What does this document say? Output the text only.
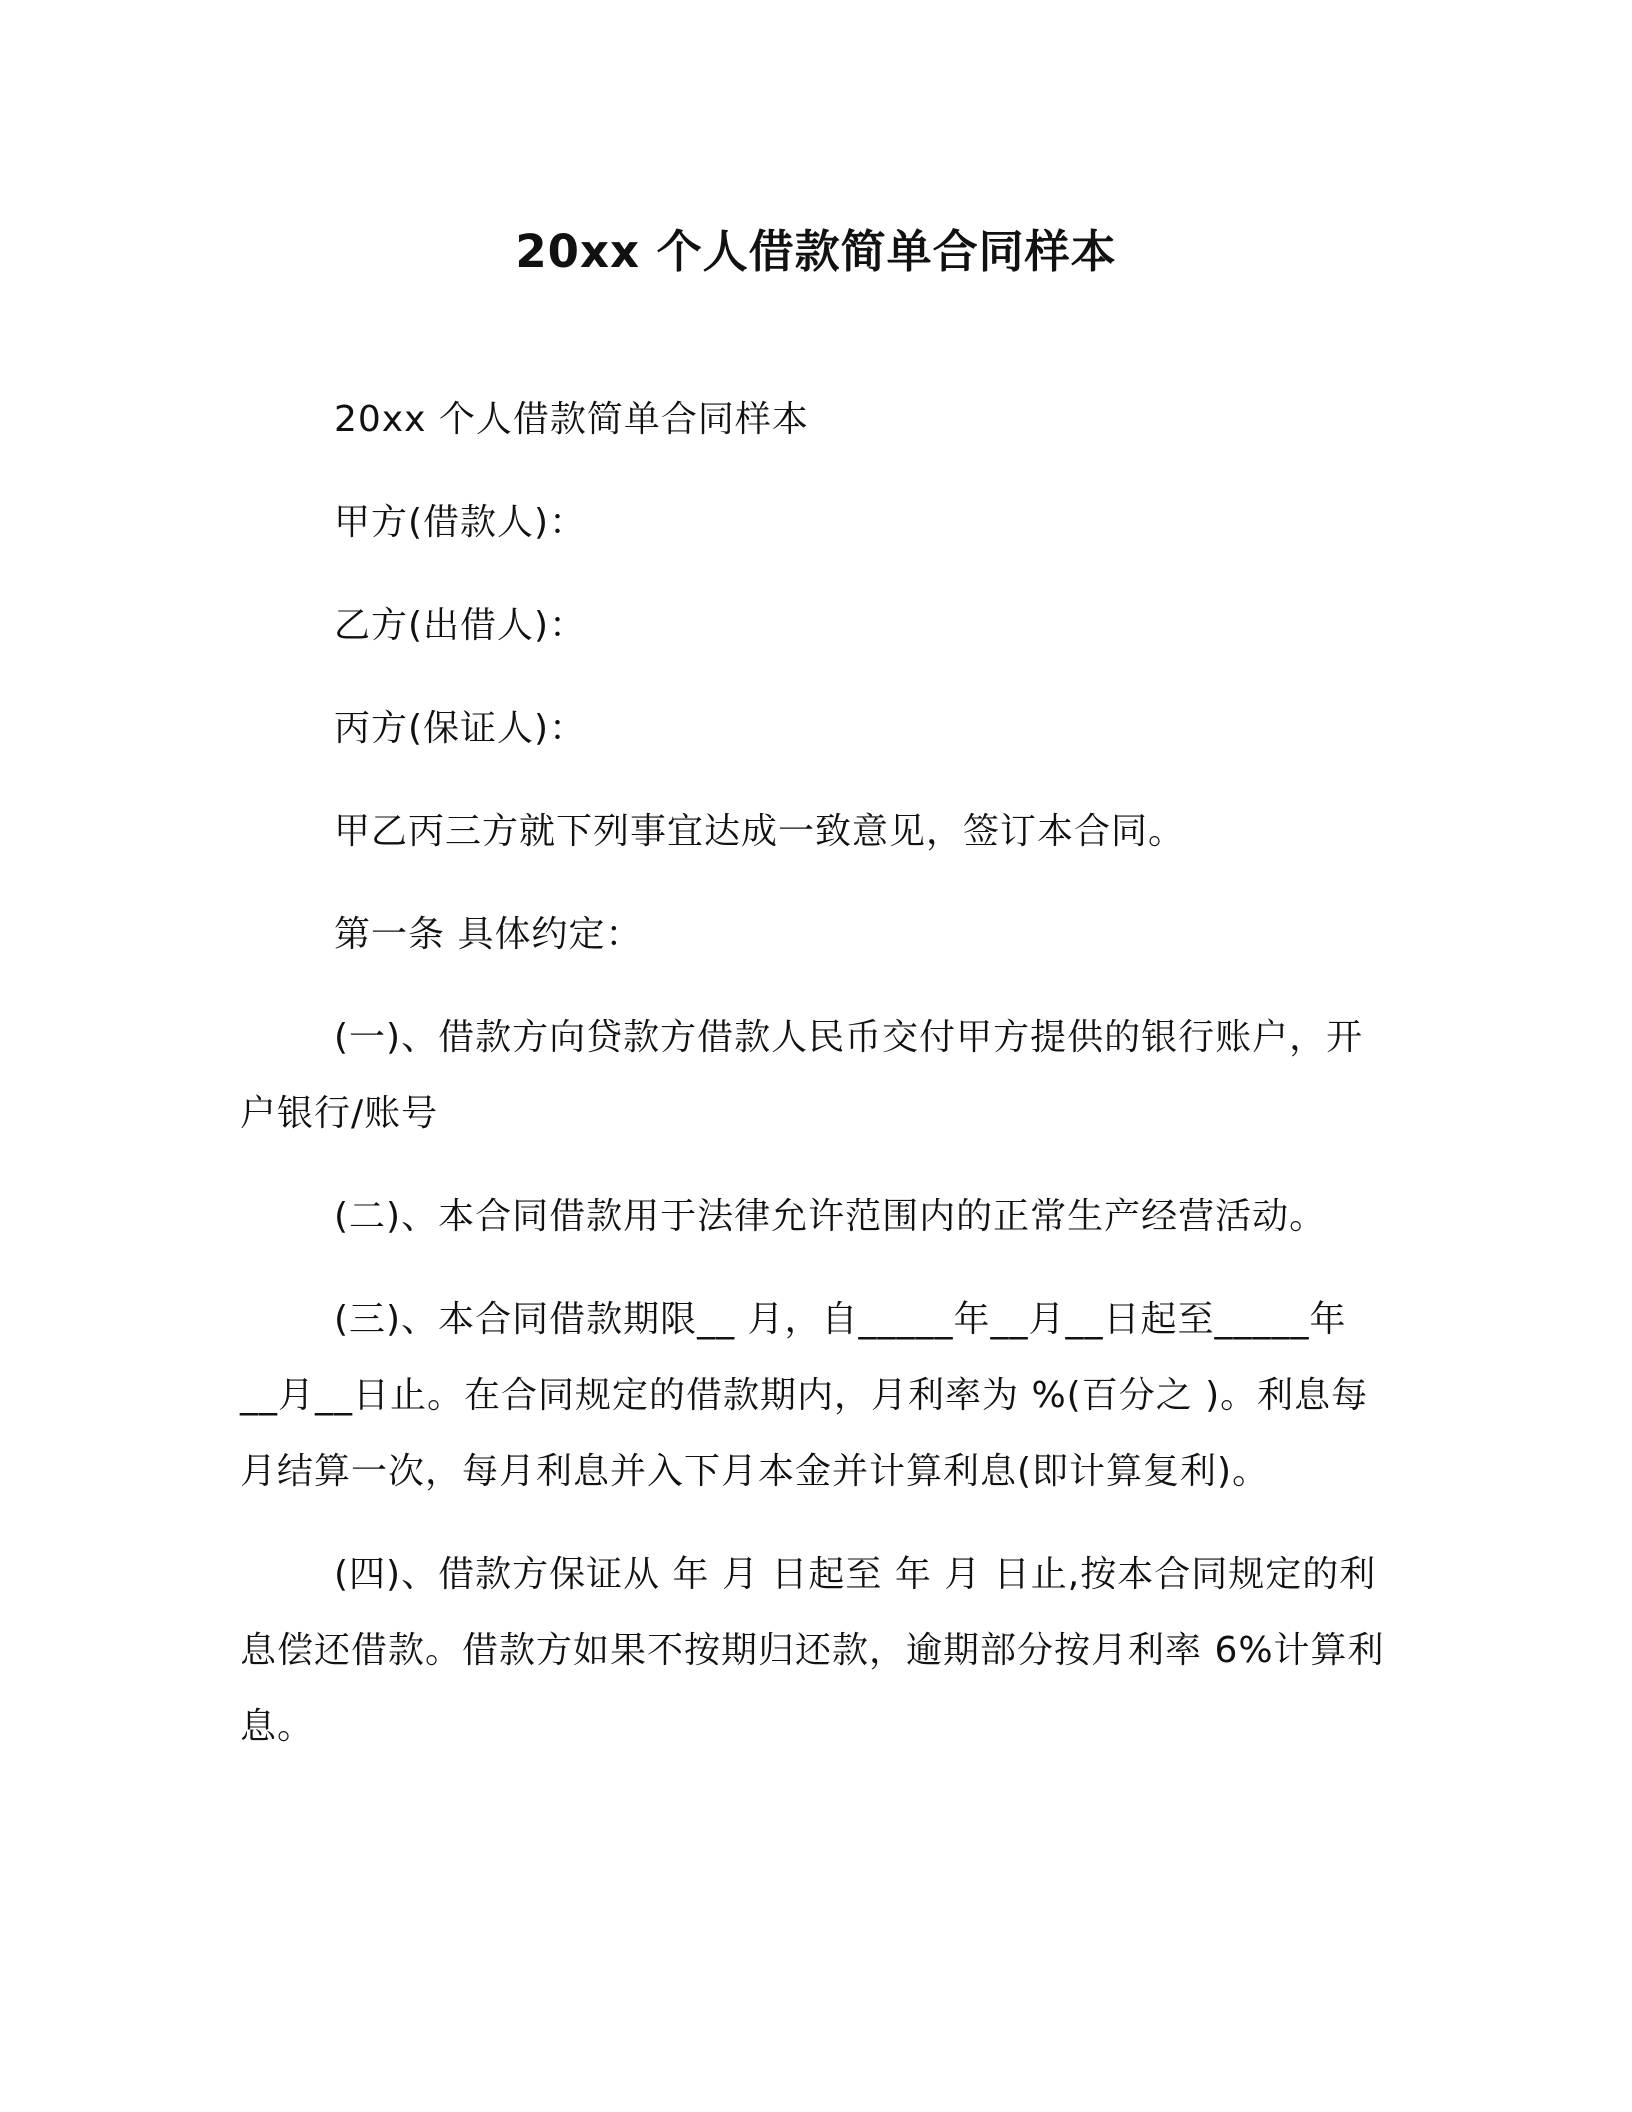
20xx 个人借款简单合同样本

20xx 个人借款简单合同样本

甲方(借款人)：

乙方(出借人)：

丙方(保证人)：

甲乙丙三方就下列事宜达成一致意见，签订本合同。

第一条 具体约定：

(一)、借款方向贷款方借款人民币交付甲方提供的银行账户，开

户银行/账号

(二)、本合同借款用于法律允许范围内的正常生产经营活动。

(三)、本合同借款期限__ 月，自_____年__月__日起至_____年

__月__日止。在合同规定的借款期内，月利率为 %(百分之 )。利息每

月结算一次，每月利息并入下月本金并计算利息(即计算复利)。

(四)、借款方保证从 年 月 日起至 年 月 日止,按本合同规定的利

息偿还借款。借款方如果不按期归还款，逾期部分按月利率 6%计算利

息。
